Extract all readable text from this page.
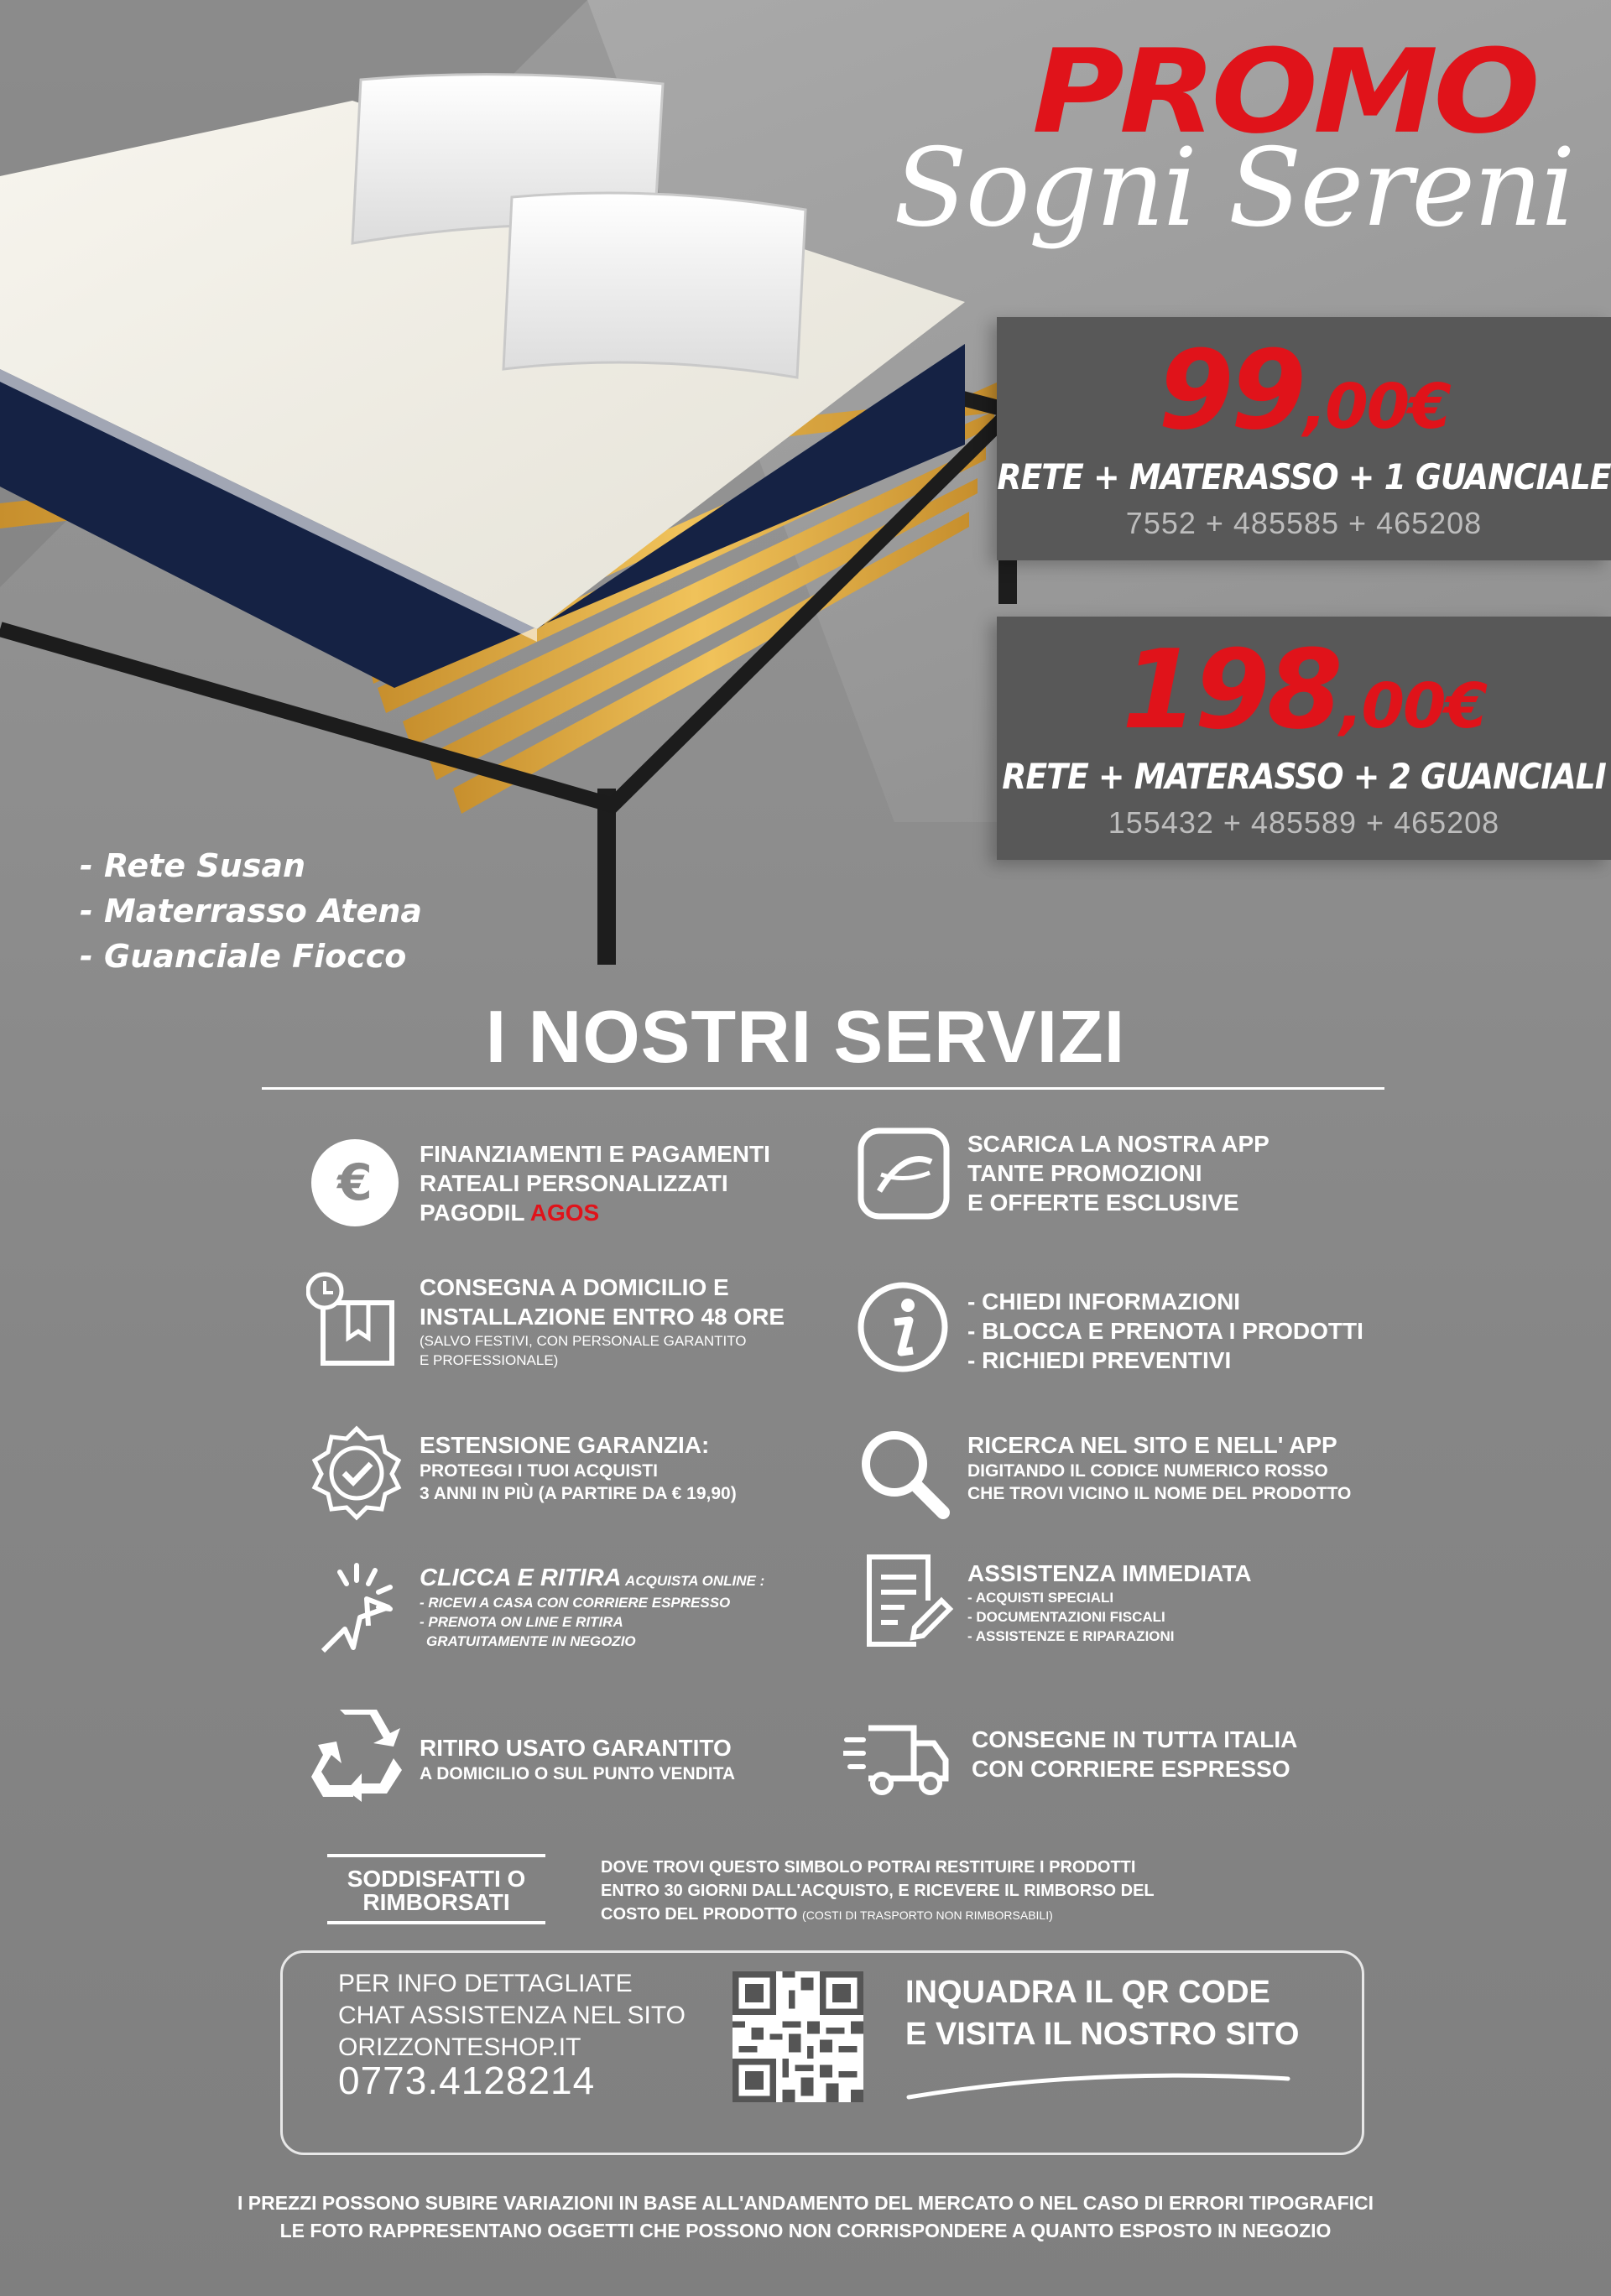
PROMO
Sogni Sereni
99,00€
RETE + MATERASSO + 1 GUANCIALE
7552 + 485585 + 465208
198,00€
RETE + MATERASSO + 2 GUANCIALI
155432 + 485589 + 465208
- Rete Susan
- Materrasso Atena
- Guanciale Fiocco
I NOSTRI SERVIZI
€ FINANZIAMENTI E PAGAMENTI
RATEALI PERSONALIZZATI
PAGODIL AGOS
SCARICA LA NOSTRA APP
TANTE PROMOZIONI
E OFFERTE ESCLUSIVE
CONSEGNA A DOMICILIO E
INSTALLAZIONE ENTRO 48 ORE
(SALVO FESTIVI, CON PERSONALE GARANTITO
E PROFESSIONALE)
- CHIEDI INFORMAZIONI
- BLOCCA E PRENOTA I PRODOTTI
- RICHIEDI PREVENTIVI
ESTENSIONE GARANZIA:
PROTEGGI I TUOI ACQUISTI
3 ANNI IN PIÙ (A PARTIRE DA € 19,90)
RICERCA NEL SITO E NELL' APP
DIGITANDO IL CODICE NUMERICO ROSSO
CHE TROVI VICINO IL NOME DEL PRODOTTO
CLICCA E RITIRA ACQUISTA ONLINE :
- RICEVI A CASA CON CORRIERE ESPRESSO
- PRENOTA ON LINE E RITIRA
GRATUITAMENTE IN NEGOZIO
ASSISTENZA IMMEDIATA
- ACQUISTI SPECIALI
- DOCUMENTAZIONI FISCALI
- ASSISTENZE E RIPARAZIONI
RITIRO USATO GARANTITO
A DOMICILIO O SUL PUNTO VENDITA
CONSEGNE IN TUTTA ITALIA
CON CORRIERE ESPRESSO
SODDISFATTI O
RIMBORSATI
DOVE TROVI QUESTO SIMBOLO POTRAI RESTITUIRE I PRODOTTI
ENTRO 30 GIORNI DALL'ACQUISTO, E RICEVERE IL RIMBORSO DEL
COSTO DEL PRODOTTO (COSTI DI TRASPORTO NON RIMBORSABILI)
PER INFO DETTAGLIATE
CHAT ASSISTENZA NEL SITO
ORIZZONTESHOP.IT
0773.4128214
INQUADRA IL QR CODE
E VISITA IL NOSTRO SITO
I PREZZI POSSONO SUBIRE VARIAZIONI IN BASE ALL'ANDAMENTO DEL MERCATO O NEL CASO DI ERRORI TIPOGRAFICI
LE FOTO RAPPRESENTANO OGGETTI CHE POSSONO NON CORRISPONDERE A QUANTO ESPOSTO IN NEGOZIO
